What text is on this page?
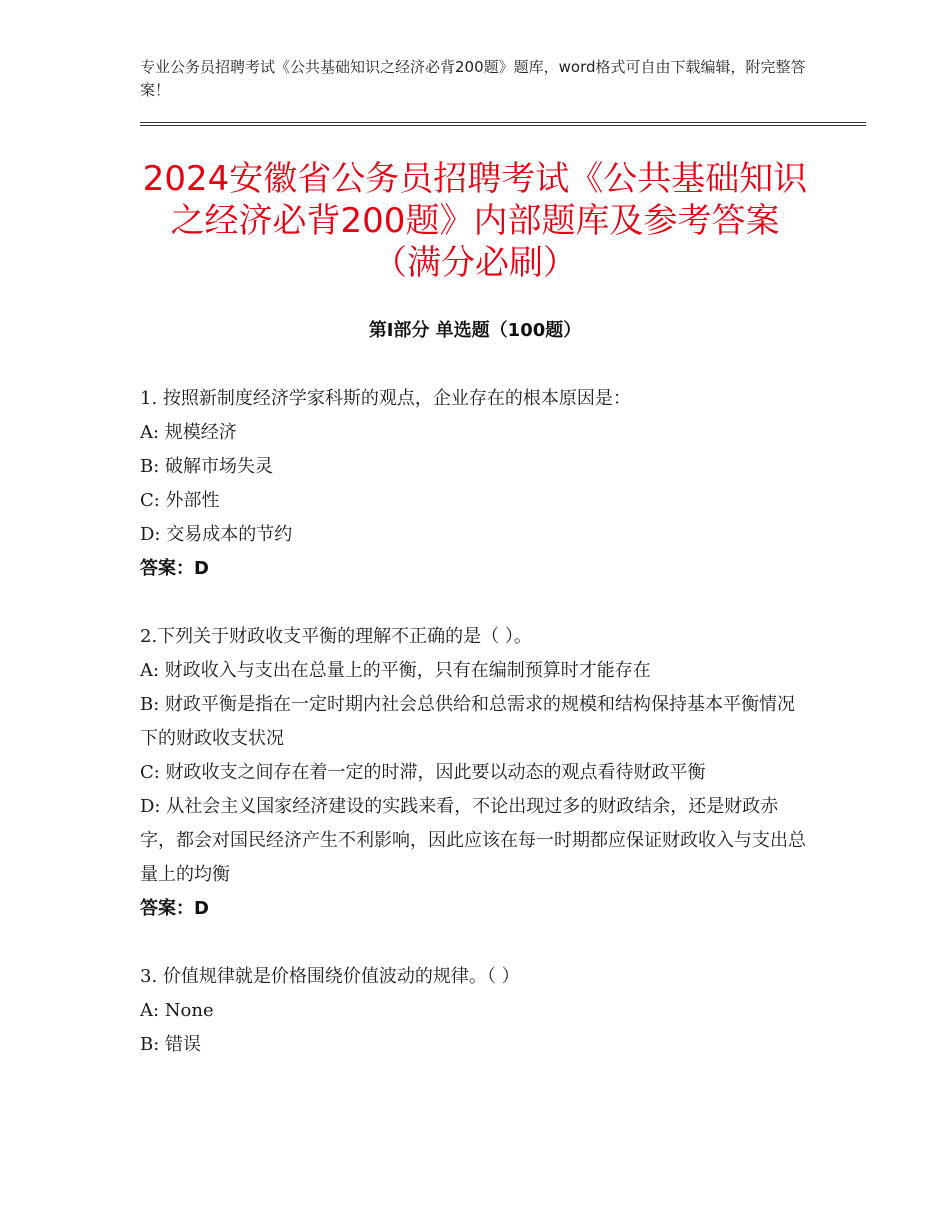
专业公务员招聘考试《公共基础知识之经济必背200题》题库，word格式可自由下载编辑，附完整答案！
2024安徽省公务员招聘考试《公共基础知识
之经济必背200题》内部题库及参考答案
（满分必刷）
第I部分 单选题（100题）
1. 按照新制度经济学家科斯的观点，企业存在的根本原因是：
A: 规模经济
B: 破解市场失灵
C: 外部性
D: 交易成本的节约
答案：D
2.下列关于财政收支平衡的理解不正确的是（ ）。
A: 财政收入与支出在总量上的平衡，只有在编制预算时才能存在
B: 财政平衡是指在一定时期内社会总供给和总需求的规模和结构保持基本平衡情况下的财政收支状况
C: 财政收支之间存在着一定的时滞，因此要以动态的观点看待财政平衡
D: 从社会主义国家经济建设的实践来看，不论出现过多的财政结余，还是财政赤字，都会对国民经济产生不利影响，因此应该在每一时期都应保证财政收入与支出总量上的均衡
答案：D
3. 价值规律就是价格围绕价值波动的规律。（ ）
A: None
B: 错误
